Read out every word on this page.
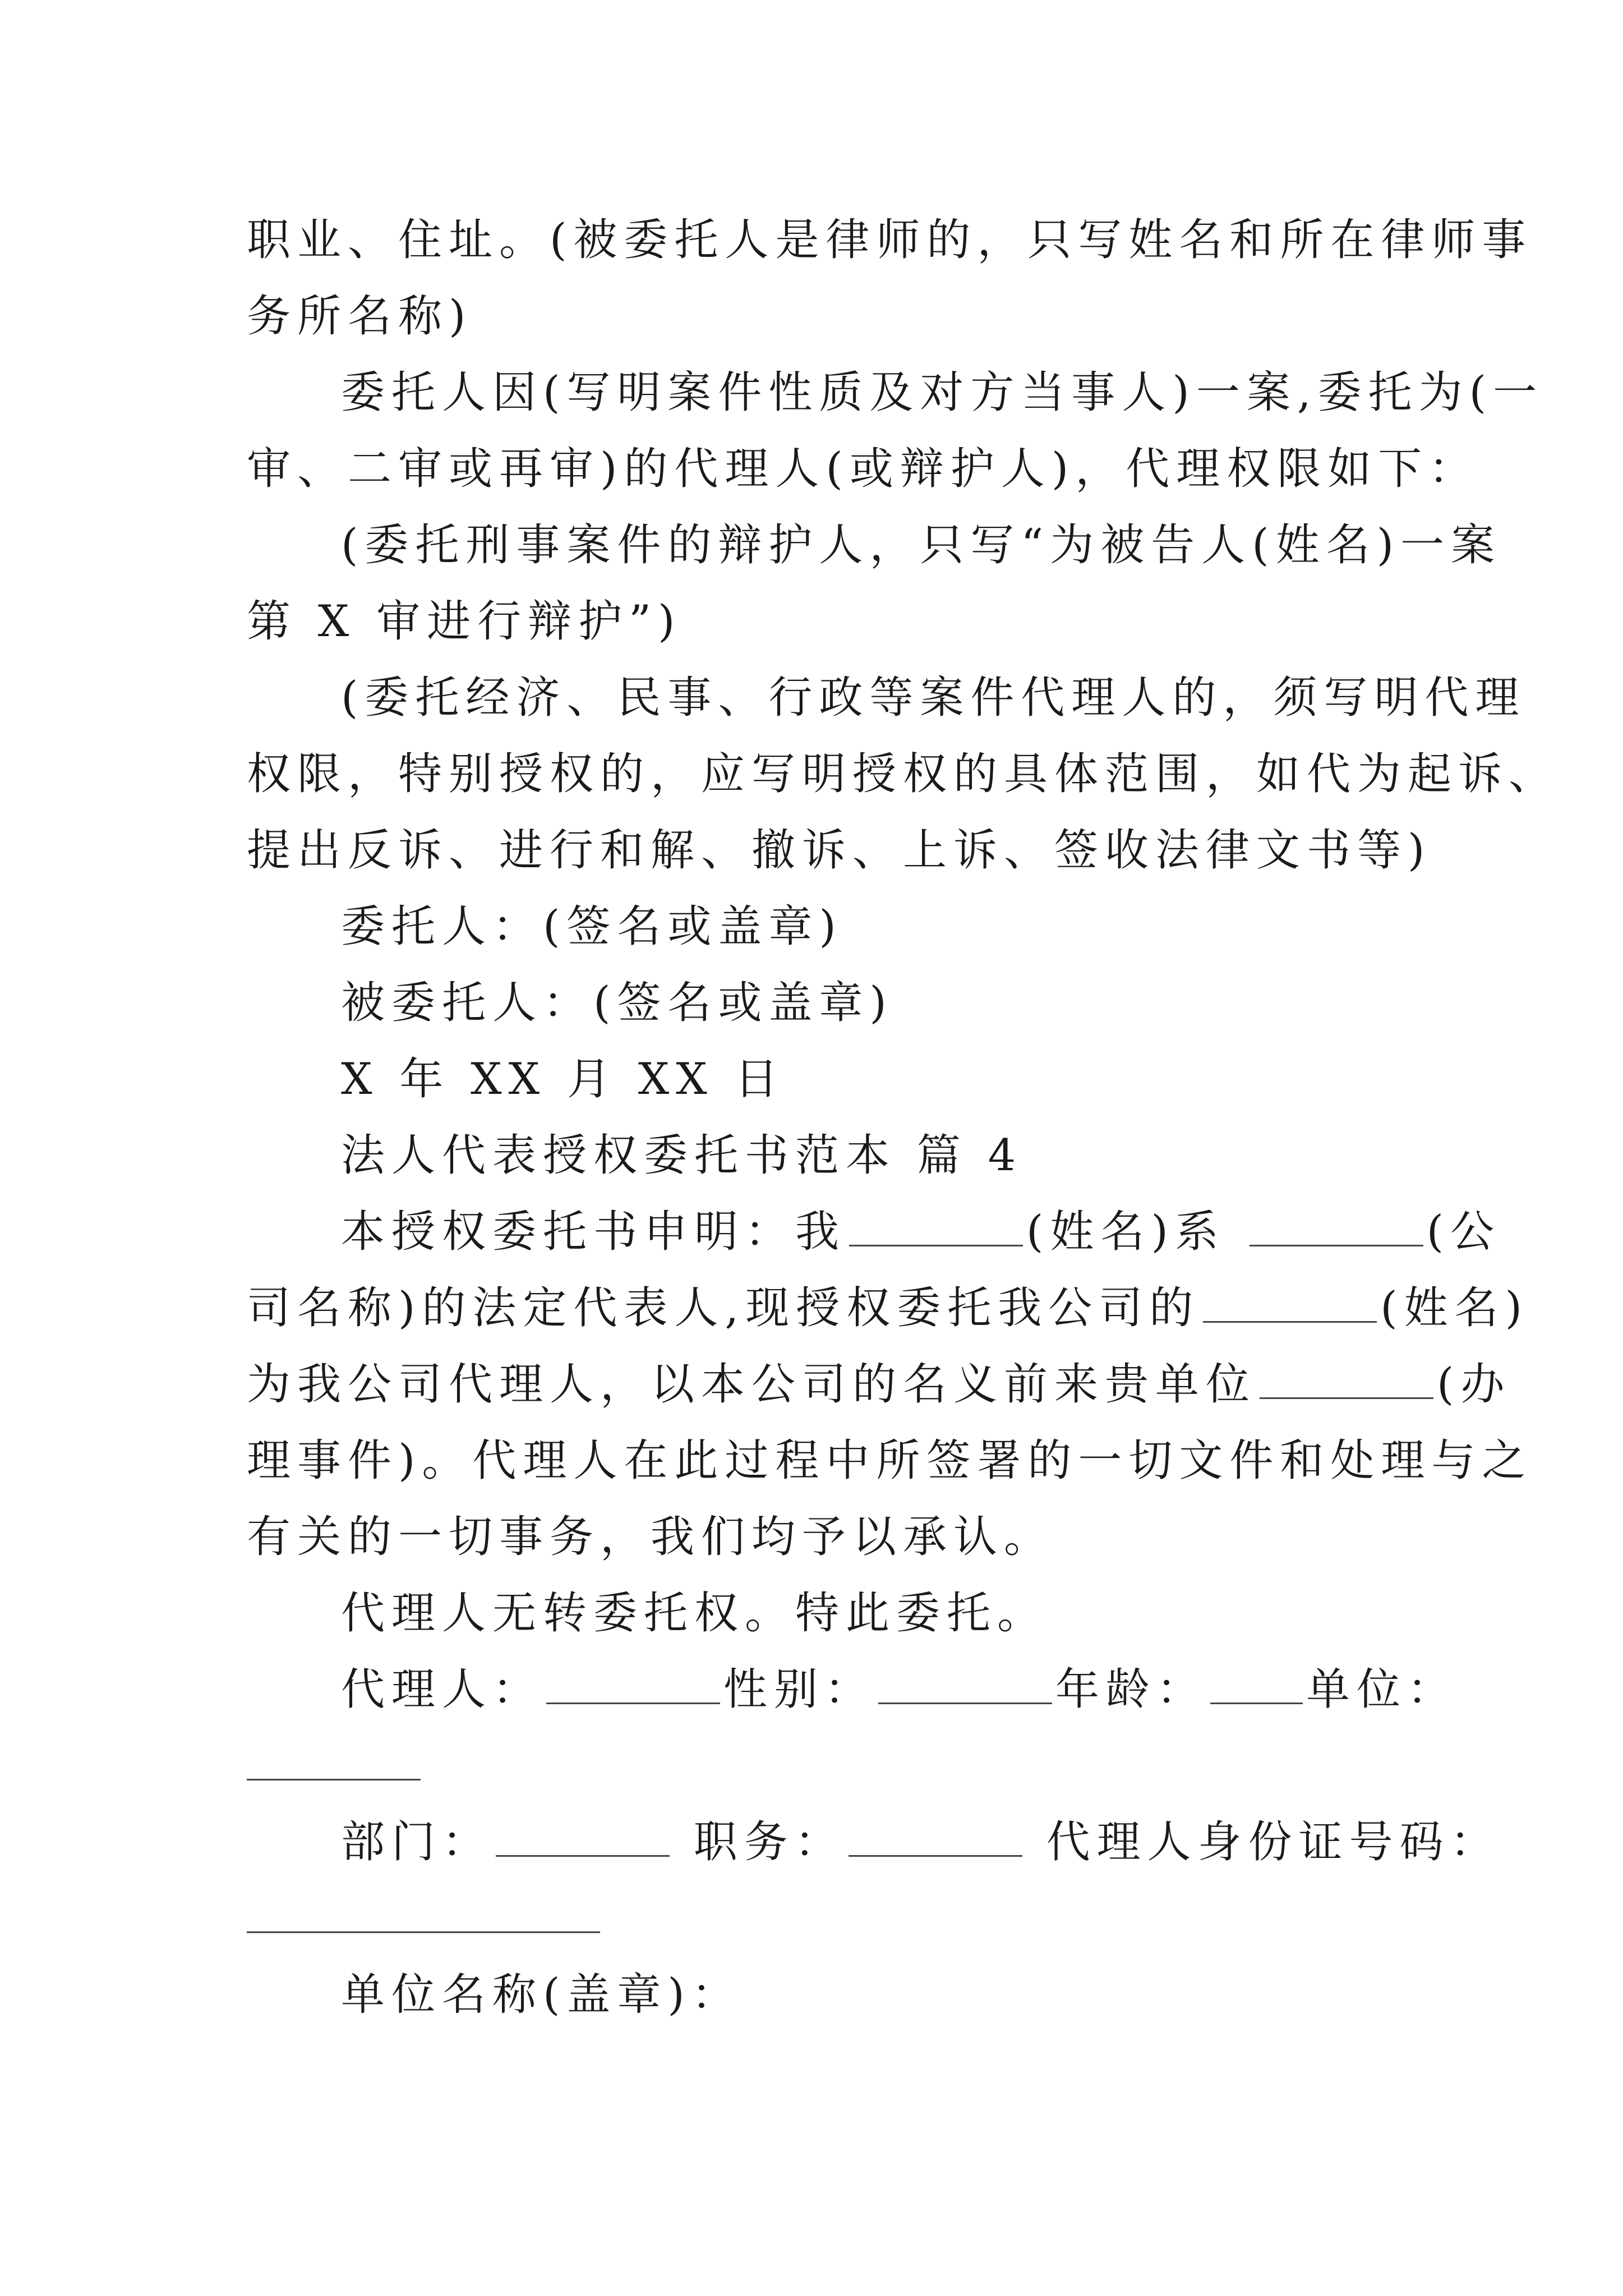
职业、住址。(被委托人是律师的，只写姓名和所在律师事
务所名称)
委托人因(写明案件性质及对方当事人)一案,委托为(一
审、二审或再审)的代理人(或辩护人)，代理权限如下：
(委托刑事案件的辩护人，只写“为被告人(姓名)一案
第 X 审进行辩护”)
(委托经济、民事、行政等案件代理人的，须写明代理
权限，特别授权的，应写明授权的具体范围，如代为起诉、
提出反诉、进行和解、撤诉、上诉、签收法律文书等)
委托人：(签名或盖章)
被委托人：(签名或盖章)
X 年 XX 月 XX 日
法人代表授权委托书范本 篇 4
本授权委托书申明：我	(姓名)系	(公
司名称)的法定代表人,现授权委托我公司的	(姓名)
为我公司代理人，以本公司的名义前来贵单位	(办
理事件)。代理人在此过程中所签署的一切文件和处理与之
有关的一切事务，我们均予以承认。
代理人无转委托权。特此委托。
代理人：	性别：	年龄： 单位：
部门：	职务：	代理人身份证号码：
单位名称(盖章)：
